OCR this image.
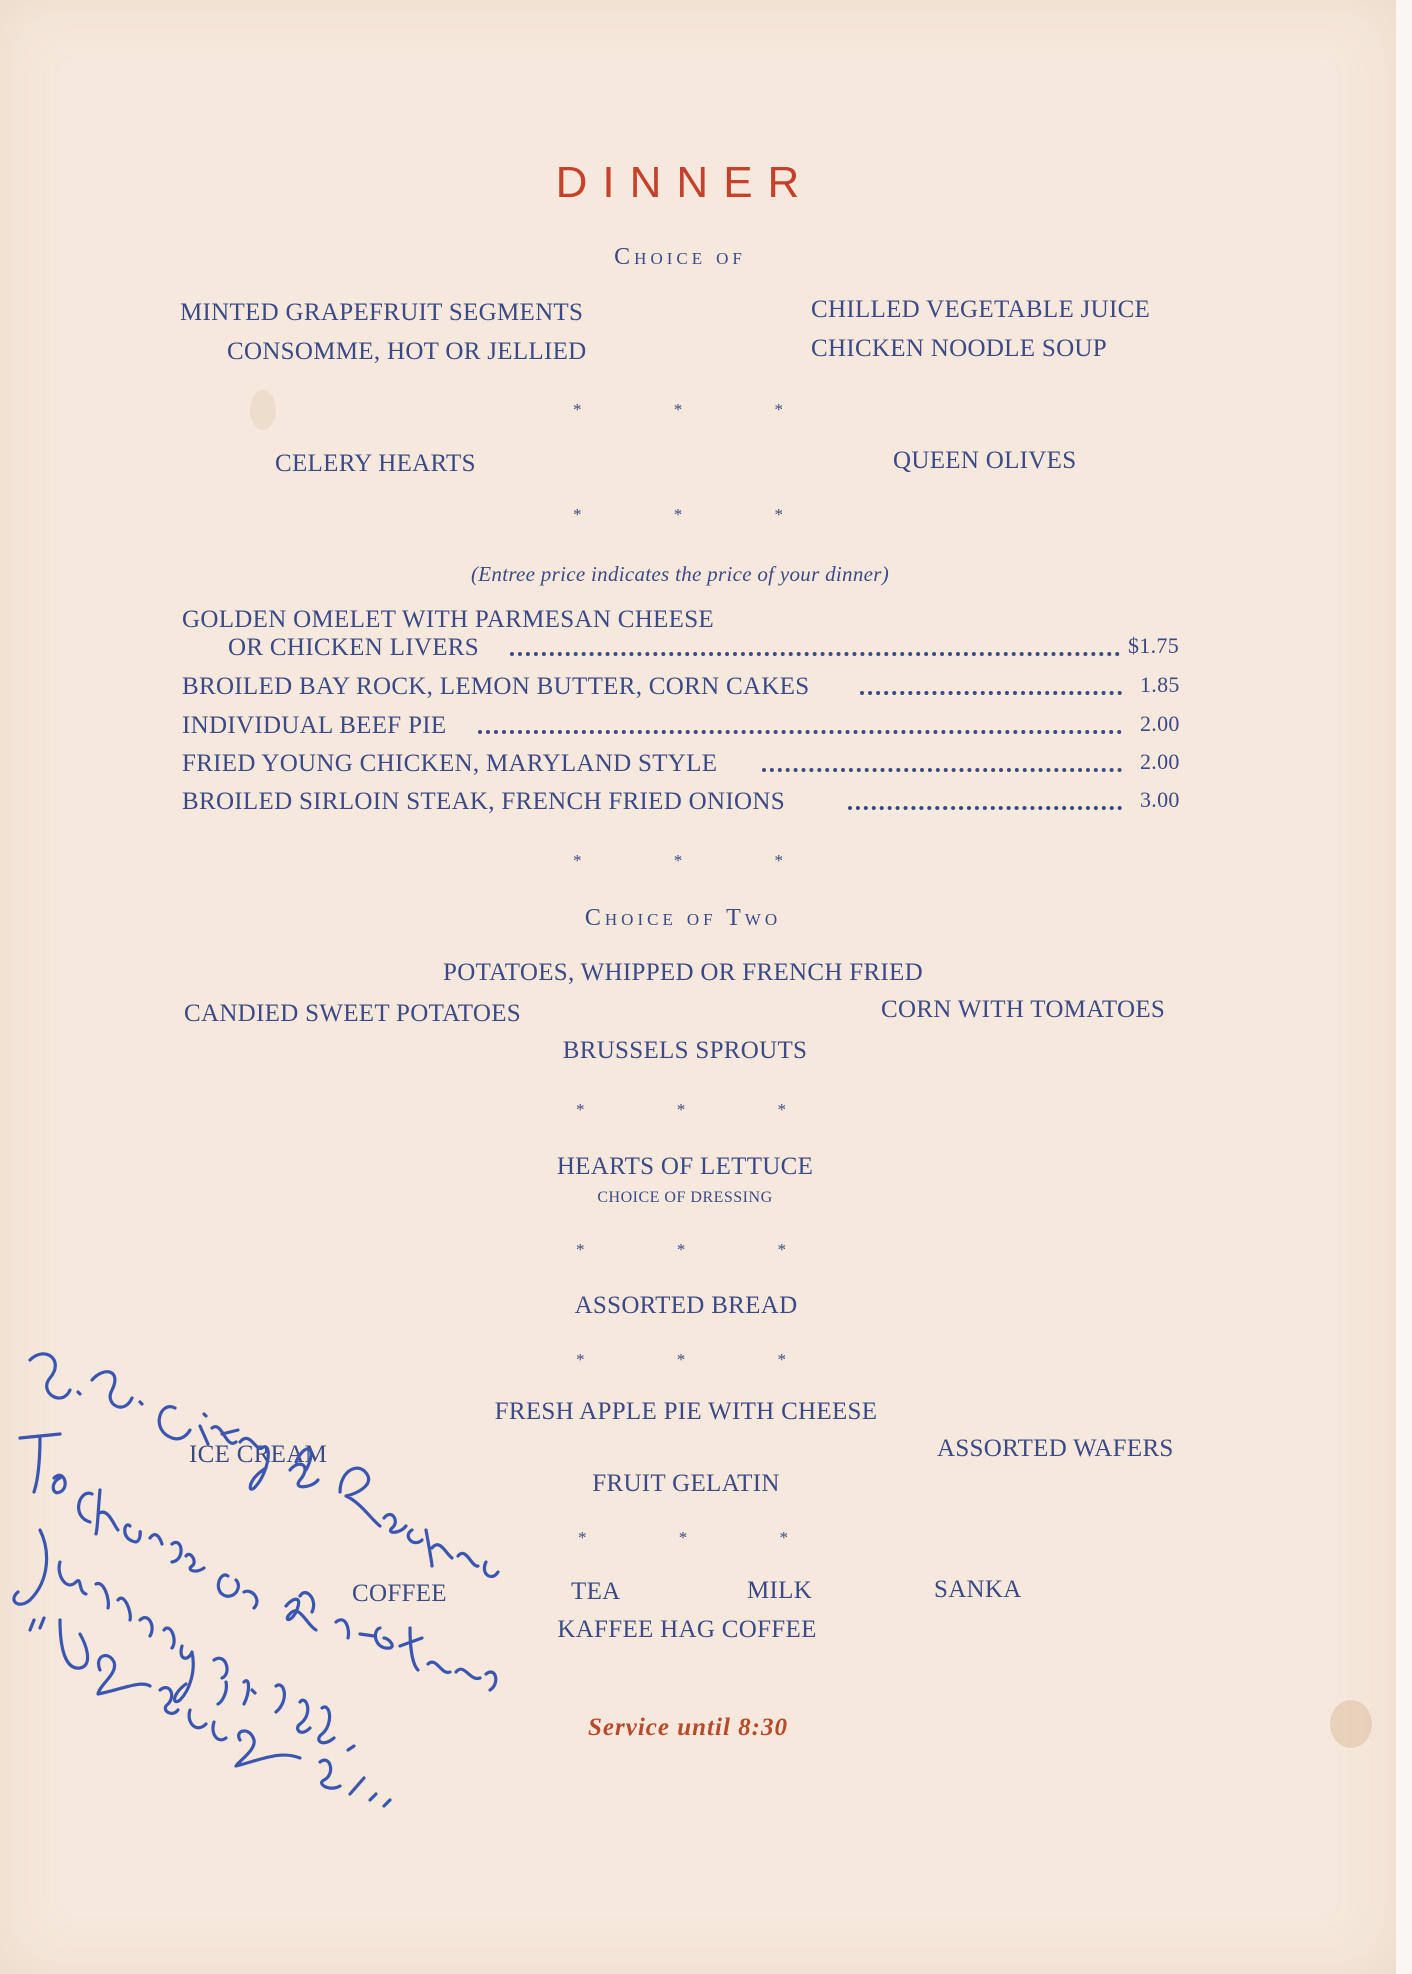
DINNER
Choice of
MINTED GRAPEFRUIT SEGMENTS
CONSOMME, HOT OR JELLIED
CHILLED VEGETABLE JUICE
CHICKEN NOODLE SOUP
* * *
CELERY HEARTS	QUEEN OLIVES
* * *
(Entree price indicates the price of your dinner)
GOLDEN OMELET WITH PARMESAN CHEESE
OR CHICKEN LIVERS	$1.75
BROILED BAY ROCK, LEMON BUTTER, CORN CAKES	1.85
INDIVIDUAL BEEF PIE	2.00
FRIED YOUNG CHICKEN, MARYLAND STYLE	2.00
BROILED SIRLOIN STEAK, FRENCH FRIED ONIONS	3.00
* * *
Choice of Two
POTATOES, WHIPPED OR FRENCH FRIED
CANDIED SWEET POTATOES	CORN WITH TOMATOES
BRUSSELS SPROUTS
* * *
HEARTS OF LETTUCE
CHOICE OF DRESSING
* * *
ASSORTED BREAD
* * *
FRESH APPLE PIE WITH CHEESE
ICE CREAM	ASSORTED WAFERS
FRUIT GELATIN
* * *
COFFEE	TEA	MILK	SANKA
KAFFEE HAG COFFEE
Service until 8:30
